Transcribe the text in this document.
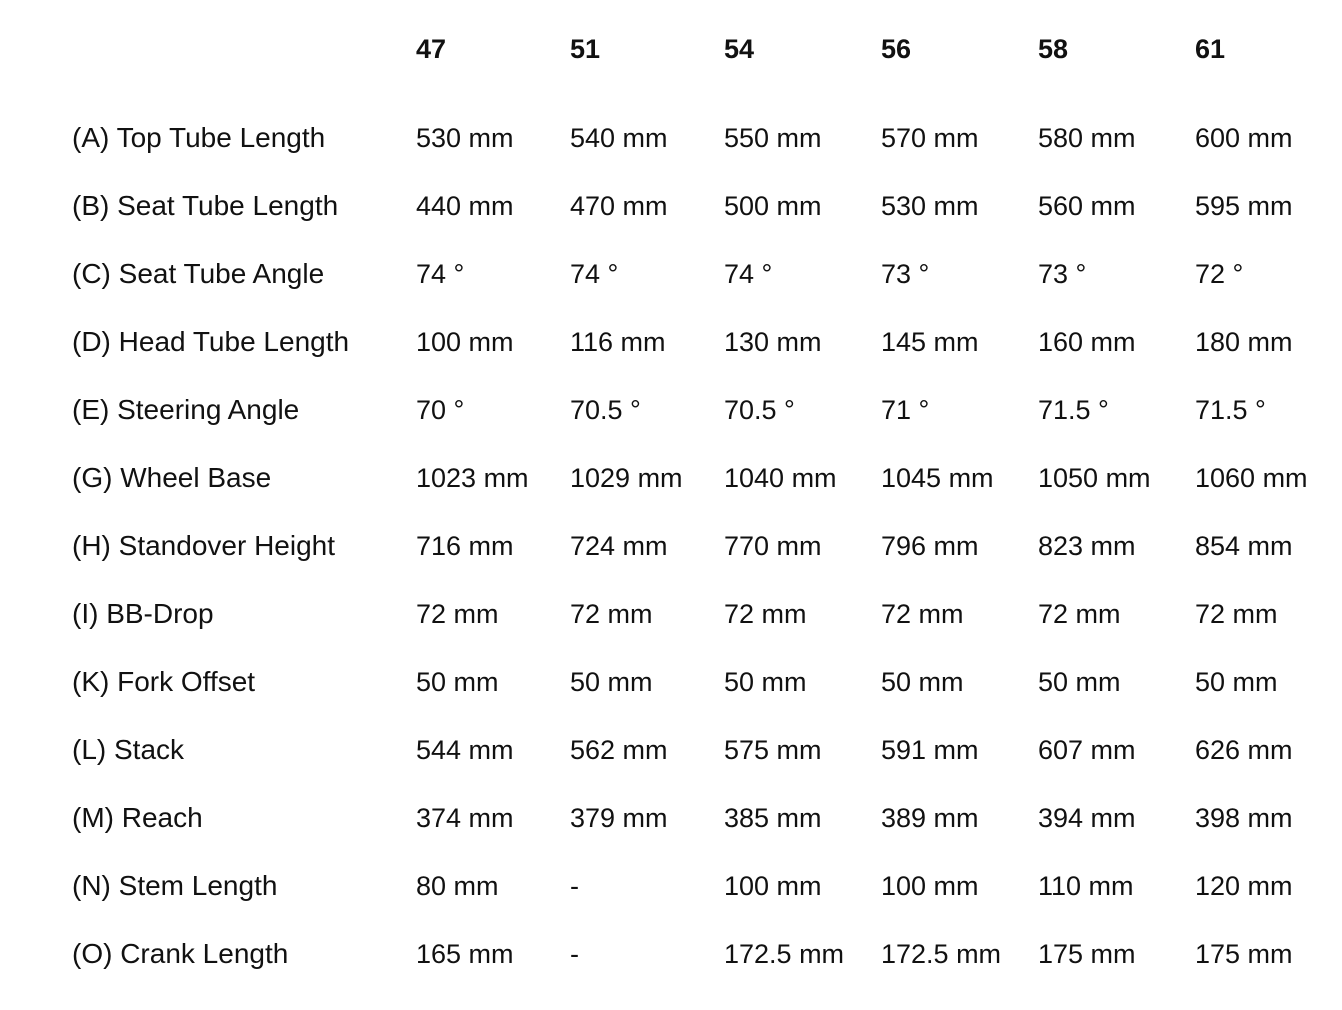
47	51	54	56	58	61
(A) Top Tube Length	530 mm	540 mm	550 mm	570 mm	580 mm	600 mm
(B) Seat Tube Length	440 mm	470 mm	500 mm	530 mm	560 mm	595 mm
(C) Seat Tube Angle	74 °	74 °	74 °	73 °	73 °	72 °
(D) Head Tube Length	100 mm	116 mm	130 mm	145 mm	160 mm	180 mm
(E) Steering Angle	70 °	70.5 °	70.5 °	71 °	71.5 °	71.5 °
(G) Wheel Base	1023 mm	1029 mm	1040 mm	1045 mm	1050 mm	1060 mm
(H) Standover Height	716 mm	724 mm	770 mm	796 mm	823 mm	854 mm
(I) BB-Drop	72 mm	72 mm	72 mm	72 mm	72 mm	72 mm
(K) Fork Offset	50 mm	50 mm	50 mm	50 mm	50 mm	50 mm
(L) Stack	544 mm	562 mm	575 mm	591 mm	607 mm	626 mm
(M) Reach	374 mm	379 mm	385 mm	389 mm	394 mm	398 mm
(N) Stem Length	80 mm	-	100 mm	100 mm	110 mm	120 mm
(O) Crank Length	165 mm	-	172.5 mm	172.5 mm	175 mm	175 mm
